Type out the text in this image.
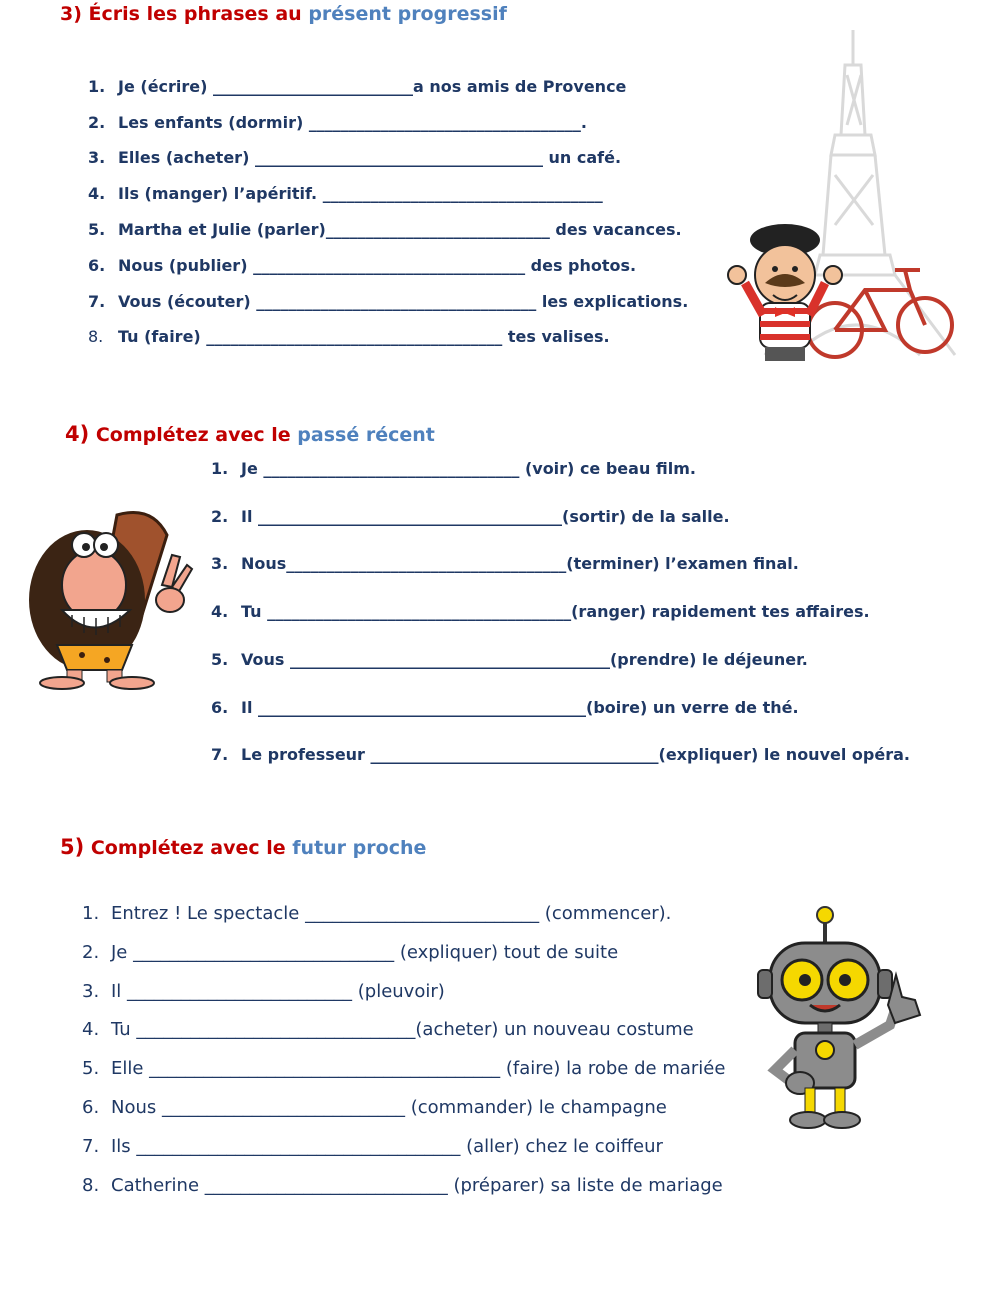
3) Écris les phrases au présent progressif
1. Je (écrire) _________________________a nos amis de Provence
2. Les enfants (dormir) __________________________________.
3. Elles (acheter) ____________________________________ un café.
4. Ils (manger) l’apéritif. ___________________________________
5. Martha et Julie (parler)____________________________ des vacances.
6. Nous (publier) __________________________________ des photos.
7. Vous (écouter) ___________________________________ les explications.
8. Tu (faire) _____________________________________ tes valises.
4) Complétez avec le passé récent
1. Je ________________________________ (voir) ce beau film.
2. Il ______________________________________(sortir) de la salle.
3. Nous___________________________________(terminer) l’examen final.
4. Tu ______________________________________(ranger) rapidement tes affaires.
5. Vous ________________________________________(prendre) le déjeuner.
6. Il _________________________________________(boire) un verre de thé.
7. Le professeur ____________________________________(expliquer) le nouvel opéra.
5) Complétez avec le futur proche
1. Entrez ! Le spectacle __________________________ (commencer).
2. Je _____________________________ (expliquer) tout de suite
3. Il _________________________ (pleuvoir)
4. Tu _______________________________(acheter) un nouveau costume
5. Elle _______________________________________ (faire) la robe de mariée
6. Nous ___________________________ (commander) le champagne
7. Ils ____________________________________ (aller) chez le coiffeur
8. Catherine ___________________________ (préparer) sa liste de mariage
